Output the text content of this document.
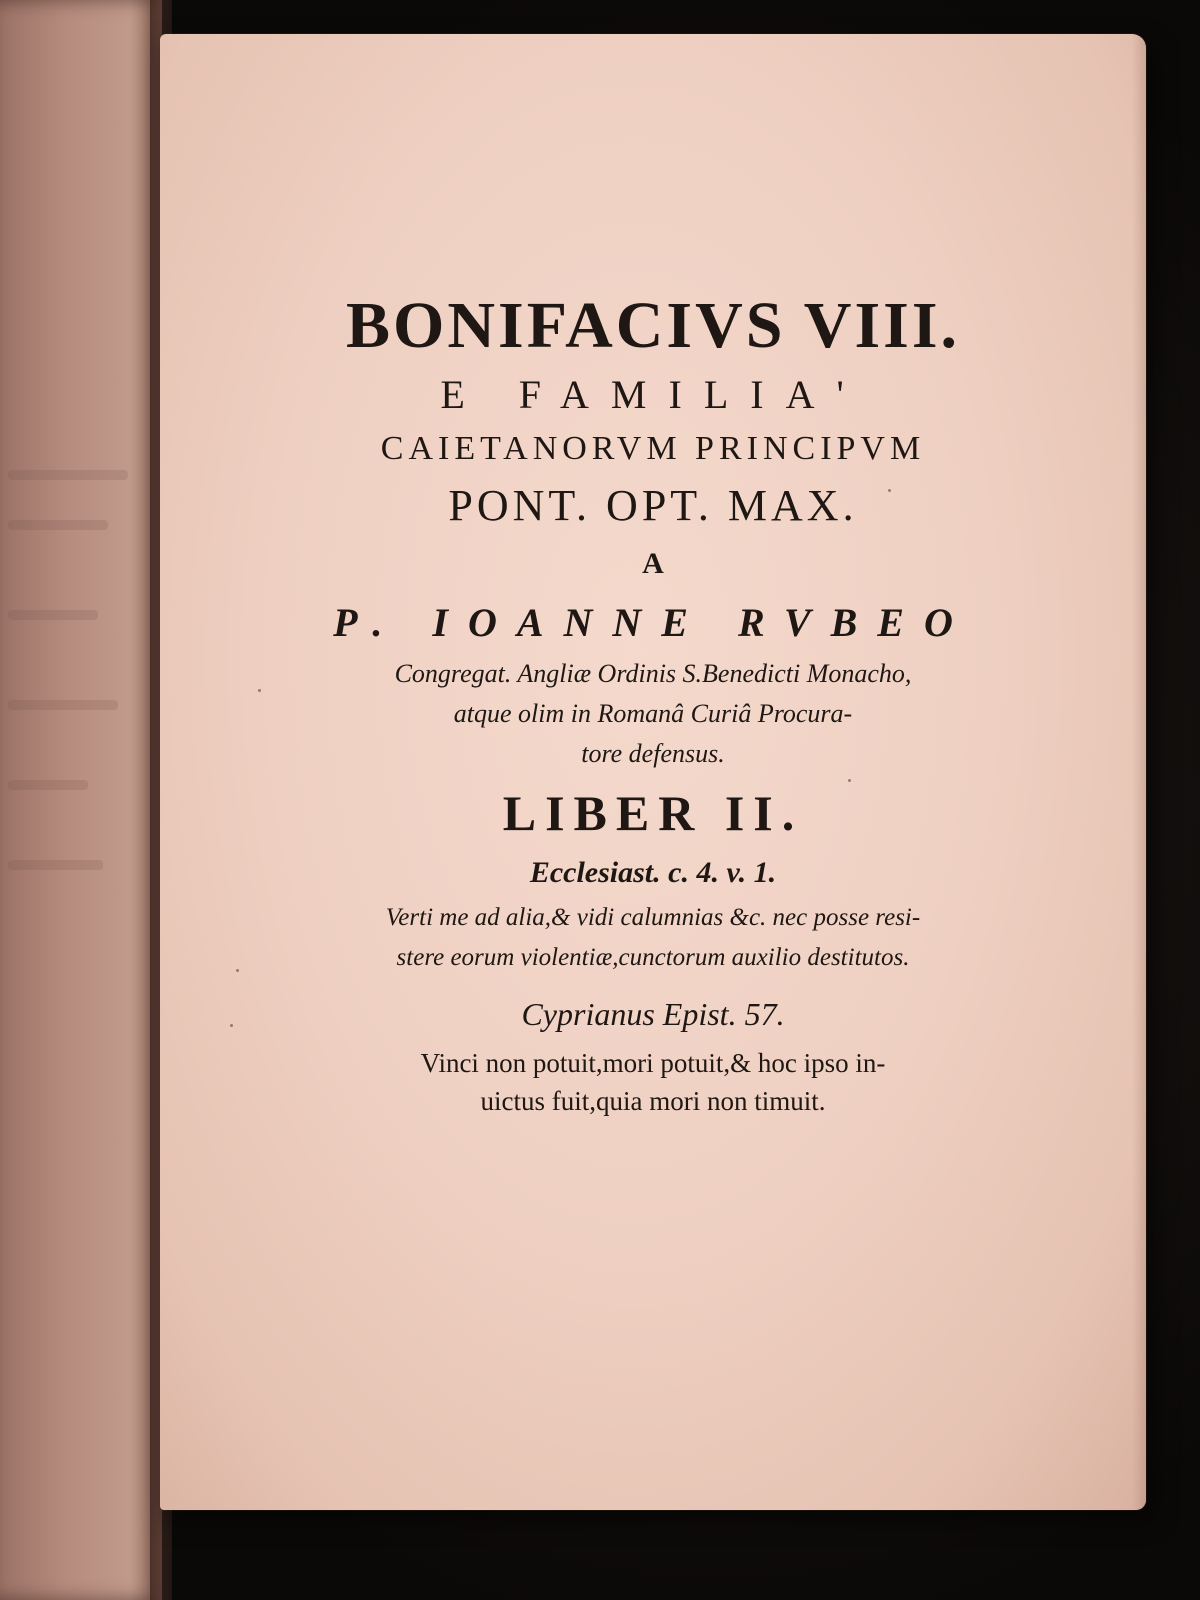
BONIFACIVS VIII.
E FAMILIA'
CAIETANORVM PRINCIPVM
PONT. OPT. MAX.
A
P. IOANNE RVBEO
Congregat. Angliæ Ordinis S.Benedicti Monacho,
atque olim in Romanâ Curiâ Procura-
tore defensus.
LIBER II.
Ecclesiast. c. 4. v. 1.
Verti me ad alia,& vidi calumnias &c. nec posse resi-
stere eorum violentiæ,cunctorum auxilio destitutos.
Cyprianus Epist. 57.
Vinci non potuit,mori potuit,& hoc ipso in-
uictus fuit,quia mori non timuit.
